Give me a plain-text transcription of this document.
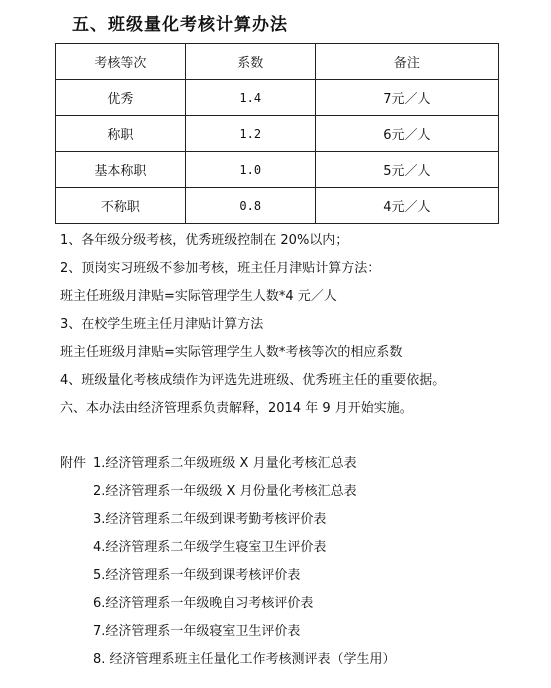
五、班级量化考核计算办法
考核等次	系数	备注
优秀	1.4	7元／人
称职	1.2	6元／人
基本称职	1.0	5元／人
不称职	0.8	4元／人
1、各年级分级考核，优秀班级控制在 20%以内；
2、顶岗实习班级不参加考核，班主任月津贴计算方法：
班主任班级月津贴=实际管理学生人数*4 元／人
3、在校学生班主任月津贴计算方法
班主任班级月津贴=实际管理学生人数*考核等次的相应系数
4、班级量化考核成绩作为评选先进班级、优秀班主任的重要依据。
六、本办法由经济管理系负责解释，2014 年 9 月开始实施。
附件 1.经济管理系二年级班级 X 月量化考核汇总表
2.经济管理系一年级级 X 月份量化考核汇总表
3.经济管理系二年级到课考勤考核评价表
4.经济管理系二年级学生寝室卫生评价表
5.经济管理系一年级到课考核评价表
6.经济管理系一年级晚自习考核评价表
7.经济管理系一年级寝室卫生评价表
8. 经济管理系班主任量化工作考核测评表（学生用）
